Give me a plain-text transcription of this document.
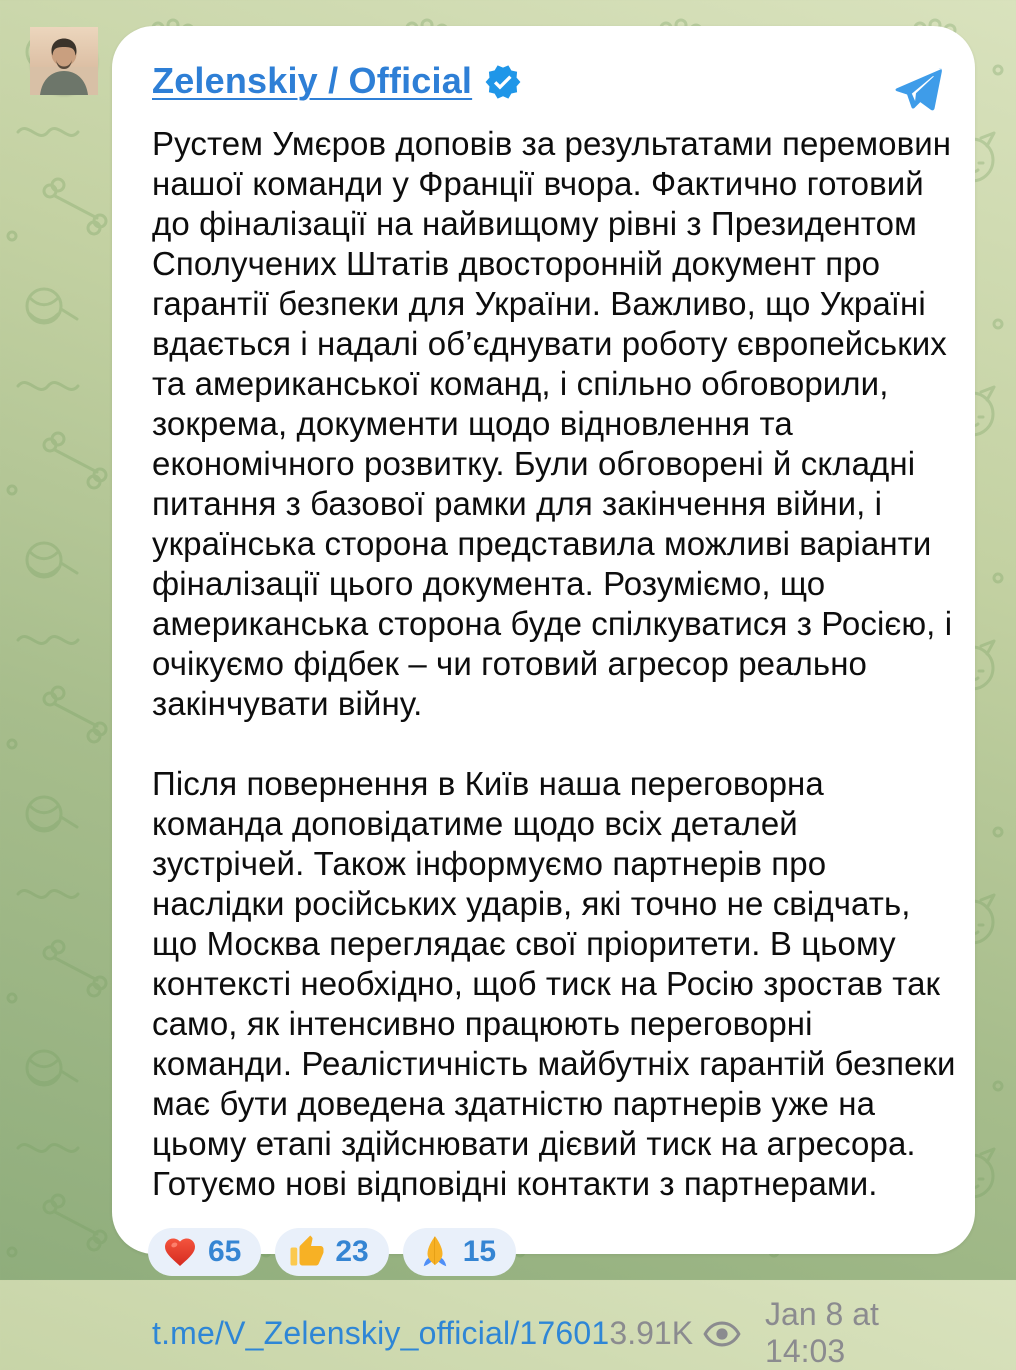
Zelenskiy / Official

Рустем Умєров доповів за результатами перемовин нашої команди у Франції вчора. Фактично готовий до фіналізації на найвищому рівні з Президентом Сполучених Штатів двосторонній документ про гарантії безпеки для України. Важливо, що Україні вдається і надалі об’єднувати роботу європейських та американської команд, і спільно обговорили, зокрема, документи щодо відновлення та економічного розвитку. Були обговорені й складні питання з базової рамки для закінчення війни, і українська сторона представила можливі варіанти фіналізації цього документа. Розуміємо, що американська сторона буде спілкуватися з Росією, і очікуємо фідбек – чи готовий агресор реально закінчувати війну.

Після повернення в Київ наша переговорна команда доповідатиме щодо всіх деталей зустрічей. Також інформуємо партнерів про наслідки російських ударів, які точно не свідчать, що Москва переглядає свої пріоритети. В цьому контексті необхідно, щоб тиск на Росію зростав так само, як інтенсивно працюють переговорні команди. Реалістичність майбутніх гарантій безпеки має бути доведена здатністю партнерів уже на цьому етапі здійснювати дієвий тиск на агресора. Готуємо нові відповідні контакти з партнерами.

65	23	15
t.me/V_Zelenskiy_official/17601 3.91K
Jan 8 at 14:03
